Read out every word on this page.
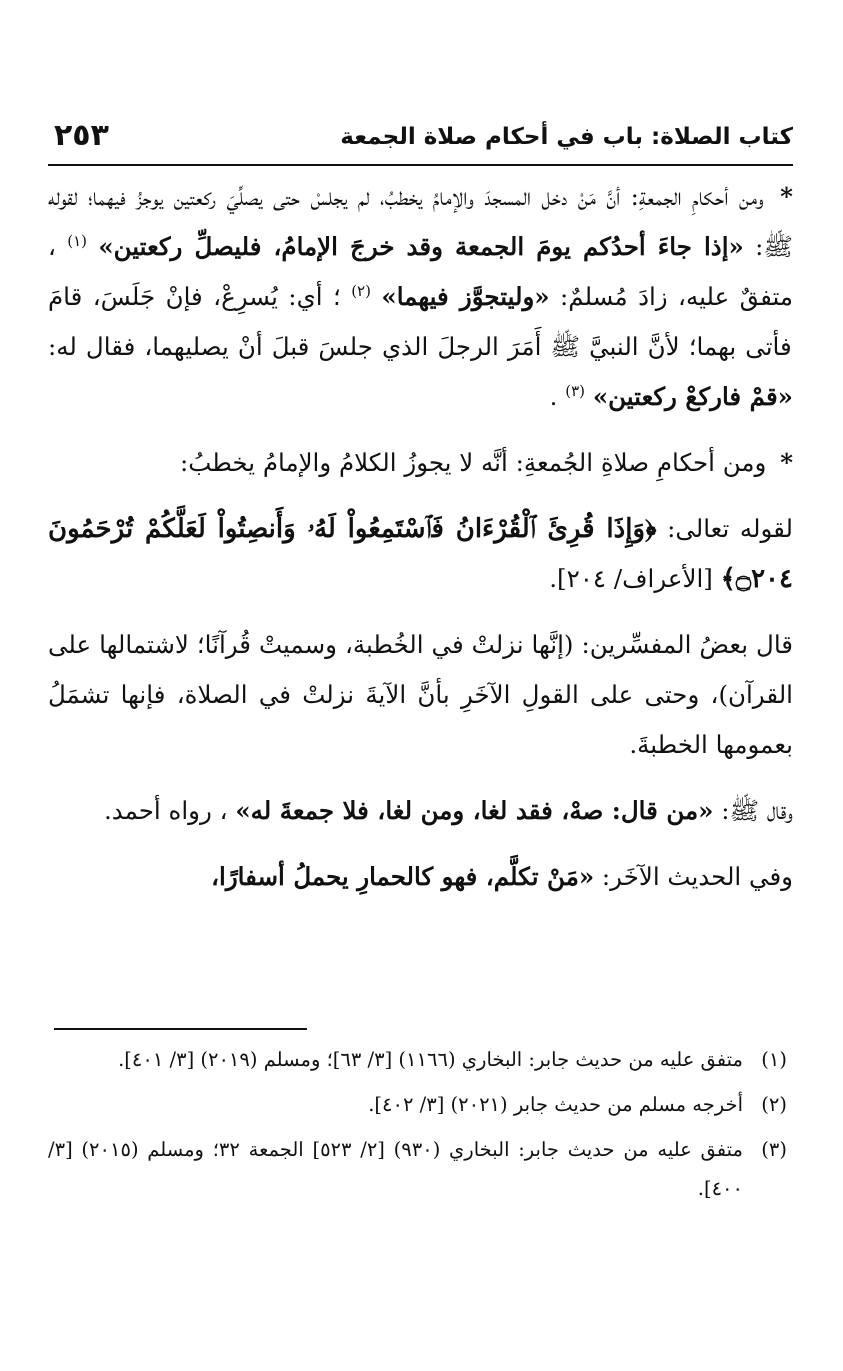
كتاب الصلاة: باب في أحكام صلاة الجمعة
٢٥٣

* ومن أحكامِ الجمعةِ: أنَّ مَنْ دخل المسجدَ والإمامُ يخطبُ، لم يجلسْ حتى يصلِّيَ ركعتين يوجزُ فيهما؛ لقوله ﷺ: «إذا جاءَ أحدُكم يومَ الجمعة وقد خرجَ الإمامُ، فليصلِّ ركعتين» $^{(١)}$ ، متفقٌ عليه، زادَ مُسلمٌ: «وليتجوَّز فيهما» $^{(٢)}$ ؛ أي: يُسرِعْ، فإنْ جَلَسَ، قامَ فأتى بهما؛ لأنَّ النبيَّ ﷺ أَمَرَ الرجلَ الذي جلسَ قبلَ أنْ يصليهما، فقال له: «قمْ فاركعْ ركعتين» $^{(٣)}$ .

* ومن أحكامِ صلاةِ الجُمعةِ: أنَّه لا يجوزُ الكلامُ والإمامُ يخطبُ:

لقوله تعالى: ﴿وَإِذَا قُرِئَ ٱلْقُرْءَانُ فَٱسْتَمِعُواْ لَهُۥ وَأَنصِتُواْ لَعَلَّكُمْ تُرْحَمُونَ ۝٢٠٤﴾ [الأعراف/ ٢٠٤].

قال بعضُ المفسِّرين: (إنَّها نزلتْ في الخُطبة، وسميتْ قُرآنًا؛ لاشتمالها على القرآن)، وحتى على القولِ الآخَرِ بأنَّ الآيةَ نزلتْ في الصلاة، فإنها تشمَلُ بعمومها الخطبةَ.

وقال ﷺ: «من قال: صهْ، فقد لغا، ومن لغا، فلا جمعةَ له» ، رواه أحمد.

وفي الحديث الآخَر: «مَنْ تكلَّم، فهو كالحمارِ يحملُ أسفارًا،

(١)
متفق عليه من حديث جابر: البخاري (١١٦٦) [٣/ ٦٣]؛ ومسلم (٢٠١٩) [٣/ ٤٠١].

(٢)
أخرجه مسلم من حديث جابر (٢٠٢١) [٣/ ٤٠٢].

(٣)
متفق عليه من حديث جابر: البخاري (٩٣٠) [٢/ ٥٢٣] الجمعة ٣٢؛ ومسلم (٢٠١٥) [٣/ ٤٠٠].
